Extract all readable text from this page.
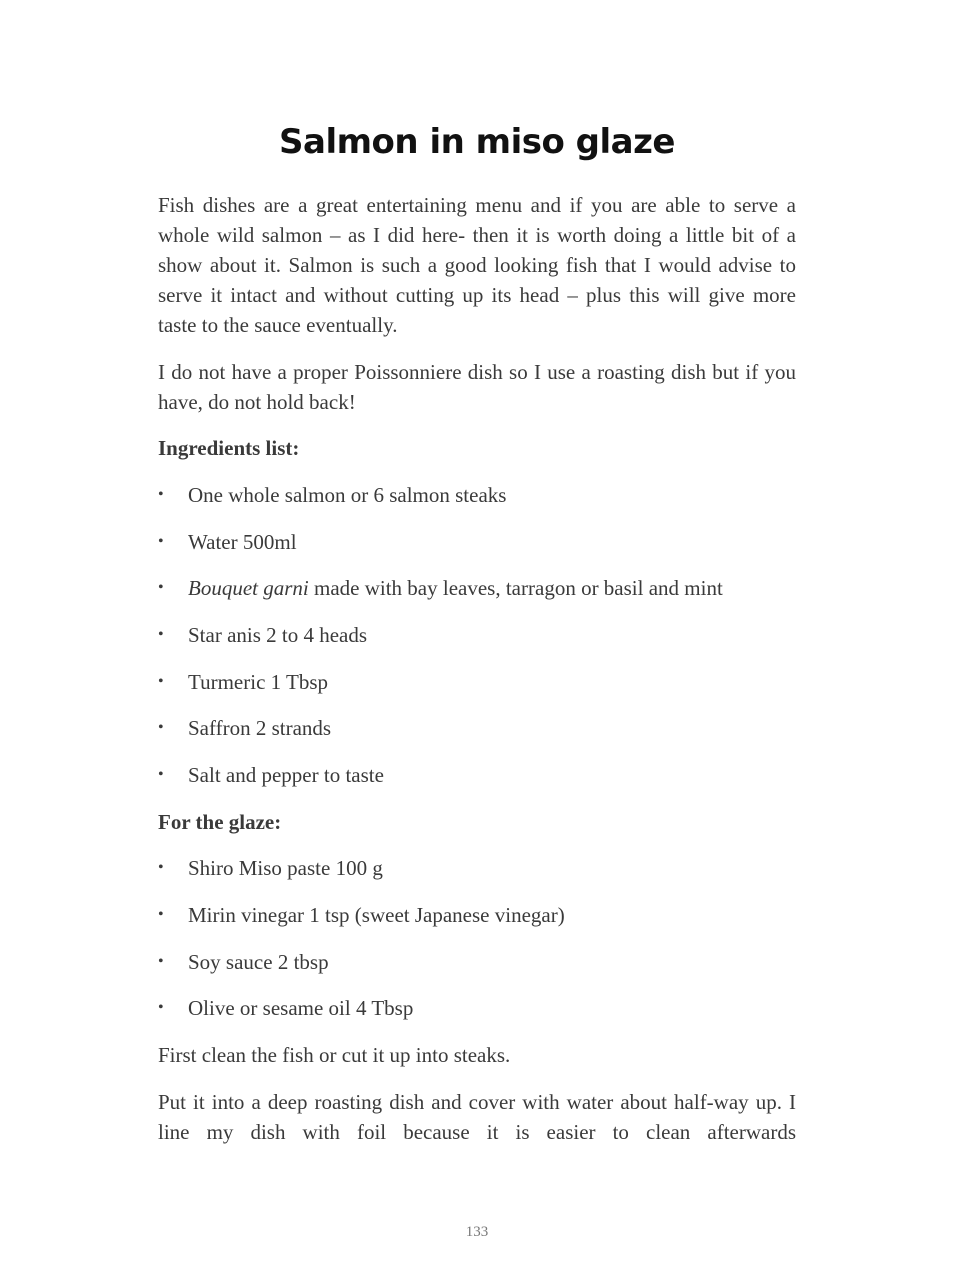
Salmon in miso glaze

Fish dishes are a great entertaining menu and if you are able to serve a whole wild salmon – as I did here- then it is worth doing a little bit of a show about it. Salmon is such a good looking fish that I would advise to serve it intact and without cutting up its head – plus this will give more taste to the sauce eventually.

I do not have a proper Poissonniere dish so I use a roasting dish but if you have, do not hold back!

Ingredients list:

• One whole salmon or 6 salmon steaks
• Water 500ml
• Bouquet garni made with bay leaves, tarragon or basil and mint
• Star anis 2 to 4 heads
• Turmeric 1 Tbsp
• Saffron 2 strands
• Salt and pepper to taste

For the glaze:

• Shiro Miso paste 100 g
• Mirin vinegar 1 tsp (sweet Japanese vinegar)
• Soy sauce 2 tbsp
• Olive or sesame oil 4 Tbsp

First clean the fish or cut it up into steaks.

Put it into a deep roasting dish and cover with water about half-way up. I line my dish with foil because it is easier to clean afterwards

133
